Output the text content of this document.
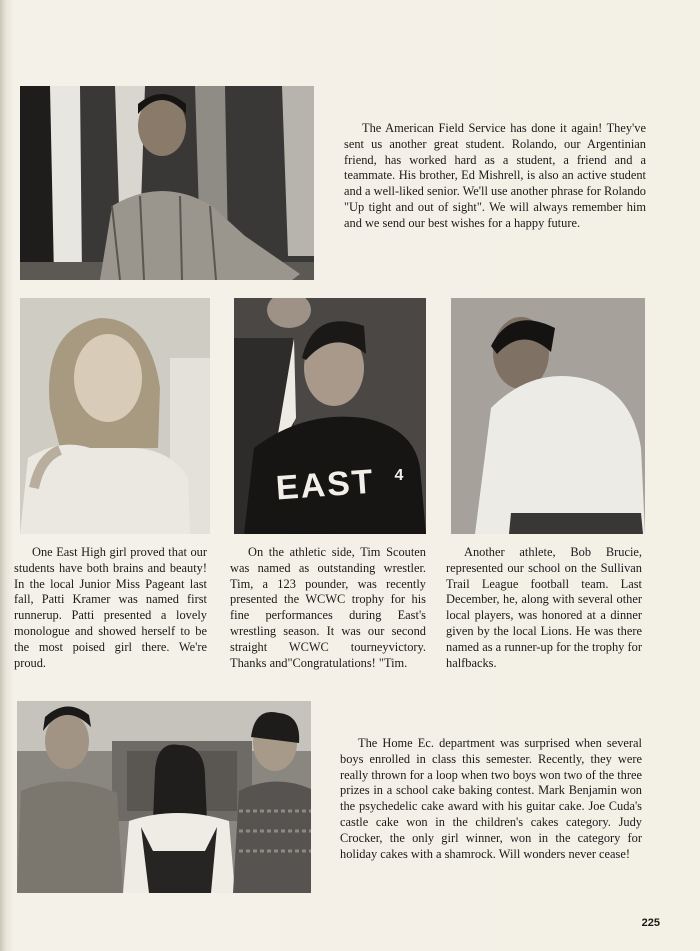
The American Field Service has done it again! They've sent us another great student. Rolando, our Argentinian friend, has worked hard as a student, a friend and a teammate. His brother, Ed Mishrell, is also an active student and a well-liked senior. We'll use another phrase for Rolando "Up tight and out of sight". We will always remember him and we send our best wishes for a happy future.

EAST 4

One East High girl proved that our students have both brains and beauty! In the local Junior Miss Pageant last fall, Patti Kramer was named first runnerup. Patti presented a lovely monologue and showed herself to be the most poised girl there. We're proud.

On the athletic side, Tim Scouten was named as outstanding wrestler. Tim, a 123 pounder, was recently presented the WCWC trophy for his fine performances during East's wrestling season. It was our second straight WCWC tourneyvictory. Thanks and"Congratulations! "Tim.

Another athlete, Bob Brucie, represented our school on the Sullivan Trail League football team. Last December, he, along with several other local players, was honored at a dinner given by the local Lions. He was there named as a runner-up for the trophy for halfbacks.

The Home Ec. department was surprised when several boys enrolled in class this semester. Recently, they were really thrown for a loop when two boys won two of the three prizes in a school cake baking contest. Mark Benjamin won the psychedelic cake award with his guitar cake. Joe Cuda's castle cake won in the children's cakes category. Judy Crocker, the only girl winner, won in the category for holiday cakes with a shamrock. Will wonders never cease!

225
